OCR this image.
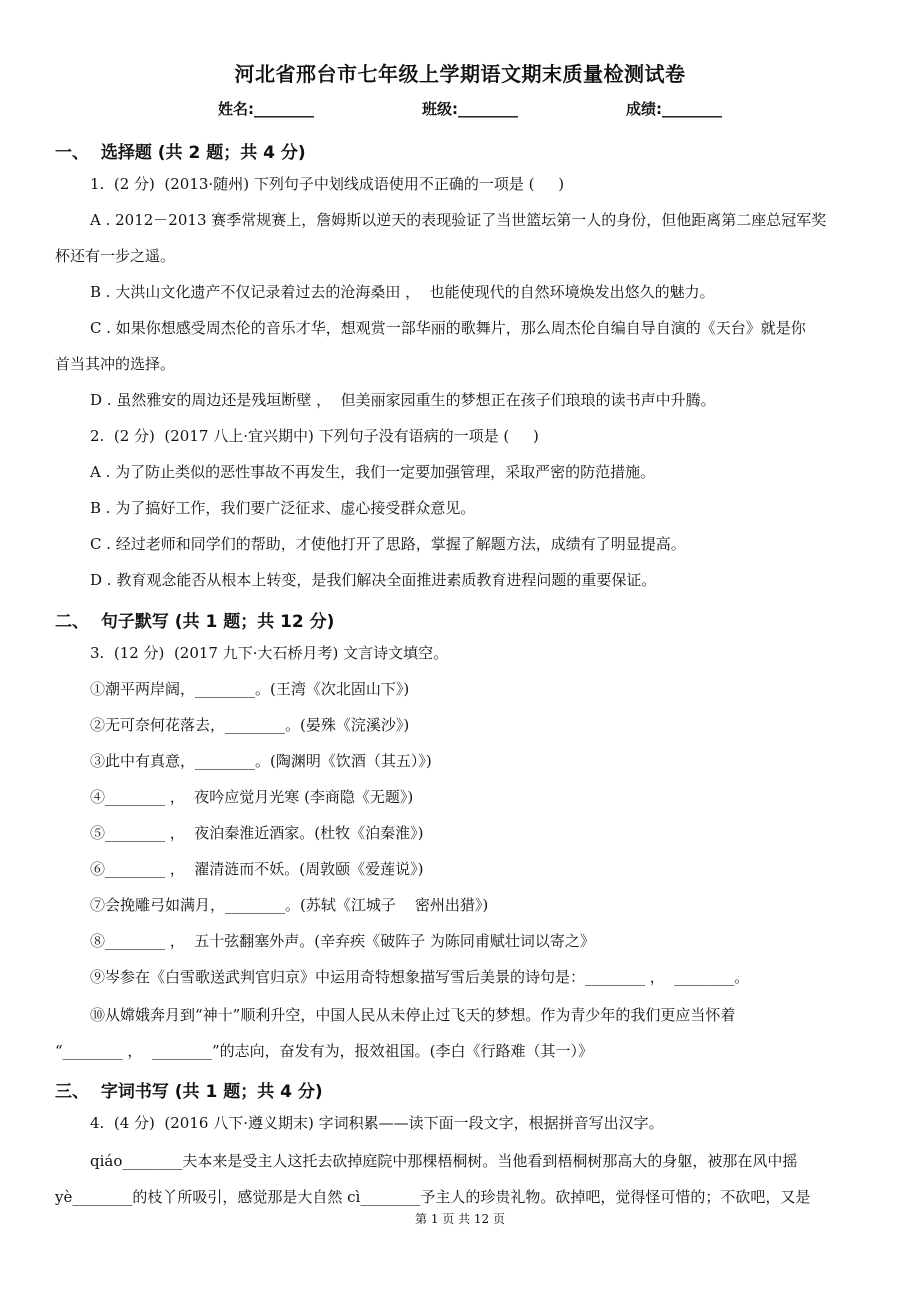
河北省邢台市七年级上学期语文期末质量检测试卷
姓名:________	班级:________	成绩:________
一、  选择题 (共 2 题；共 4 分)
1.  (2 分)  (2013·随州) 下列句子中划线成语使用不正确的一项是 (     )
A . 2012－2013 赛季常规赛上，詹姆斯以逆天的表现验证了当世篮坛第一人的身份，但他距离第二座总冠军奖
杯还有一步之遥。
B . 大洪山文化遗产不仅记录着过去的沧海桑田 ，  也能使现代的自然环境焕发出悠久的魅力。
C . 如果你想感受周杰伦的音乐才华，想观赏一部华丽的歌舞片，那么周杰伦自编自导自演的《天台》就是你
首当其冲的选择。
D . 虽然雅安的周边还是残垣断壁 ，  但美丽家园重生的梦想正在孩子们琅琅的读书声中升腾。
2.  (2 分)  (2017 八上·宜兴期中) 下列句子没有语病的一项是 (     )
A . 为了防止类似的恶性事故不再发生，我们一定要加强管理，采取严密的防范措施。
B . 为了搞好工作，我们要广泛征求、虚心接受群众意见。
C . 经过老师和同学们的帮助，才使他打开了思路，掌握了解题方法，成绩有了明显提高。
D . 教育观念能否从根本上转变，是我们解决全面推进素质教育进程问题的重要保证。
二、  句子默写 (共 1 题；共 12 分)
3.  (12 分)  (2017 九下·大石桥月考) 文言诗文填空。
①潮平两岸阔，________。(王湾《次北固山下》)
②无可奈何花落去，________。(晏殊《浣溪沙》)
③此中有真意，________。(陶渊明《饮酒（其五）》)
④________ ，  夜吟应觉月光寒 (李商隐《无题》)
⑤________ ，  夜泊秦淮近酒家。(杜牧《泊秦淮》)
⑥________ ，  濯清涟而不妖。(周敦颐《爱莲说》)
⑦会挽雕弓如满月，________。(苏轼《江城子    密州出猎》)
⑧________ ，  五十弦翻塞外声。(辛弃疾《破阵子 为陈同甫赋壮词以寄之》
⑨岑参在《白雪歌送武判官归京》中运用奇特想象描写雪后美景的诗句是：________ ，  ________。
⑩从嫦娥奔月到“神十”顺利升空，中国人民从未停止过飞天的梦想。作为青少年的我们更应当怀着
“________ ，  ________”的志向，奋发有为，报效祖国。(李白《行路难（其一）》
三、  字词书写 (共 1 题；共 4 分)
4.  (4 分)  (2016 八下·遵义期末) 字词积累——读下面一段文字，根据拼音写出汉字。
qiáo________夫本来是受主人这托去砍掉庭院中那棵梧桐树。当他看到梧桐树那高大的身躯，被那在风中摇
yè________的枝丫所吸引，感觉那是大自然 cì________予主人的珍贵礼物。砍掉吧，觉得怪可惜的；不砍吧，又是
第 1 页 共 12 页
